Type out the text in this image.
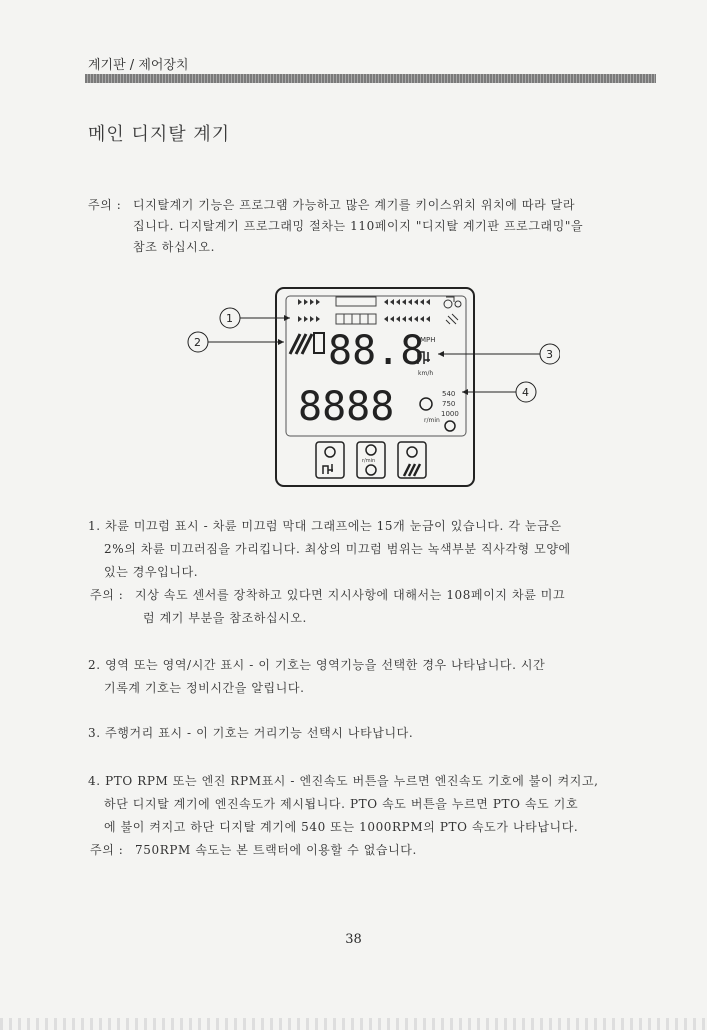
계기판 / 제어장치
메인 디지탈 계기
주의 : 디지탈계기 기능은 프로그램 가능하고 많은 계기를 키이스위치 위치에 따라 달라
집니다. 디지탈계기 프로그래밍 절차는 110페이지 "디지탈 계기판 프로그래밍"을
참조 하십시오.
88.8
MPH
km/h
8888	540
750
1000
r/min
r/min
1
2
3
4
1. 차륜 미끄럼 표시 - 차륜 미끄럼 막대 그래프에는 15개 눈금이 있습니다. 각 눈금은
2%의 차륜 미끄러짐을 가리킵니다. 최상의 미끄럼 범위는 녹색부분 직사각형 모양에
있는 경우입니다.
주의 : 지상 속도 센서를 장착하고 있다면 지시사항에 대해서는 108페이지 차륜 미끄
럼 계기 부분을 참조하십시오.
2. 영역 또는 영역/시간 표시 - 이 기호는 영역기능을 선택한 경우 나타납니다. 시간
기록계 기호는 정비시간을 알립니다.
3. 주행거리 표시 - 이 기호는 거리기능 선택시 나타납니다.
4. PTO RPM 또는 엔진 RPM표시 - 엔진속도 버튼을 누르면 엔진속도 기호에 불이 켜지고,
하단 디지탈 계기에 엔진속도가 제시됩니다. PTO 속도 버튼을 누르면 PTO 속도 기호
에 불이 켜지고 하단 디지탈 계기에 540 또는 1000RPM의 PTO 속도가 나타납니다.
주의 : 750RPM 속도는 본 트랙터에 이용할 수 없습니다.
38
